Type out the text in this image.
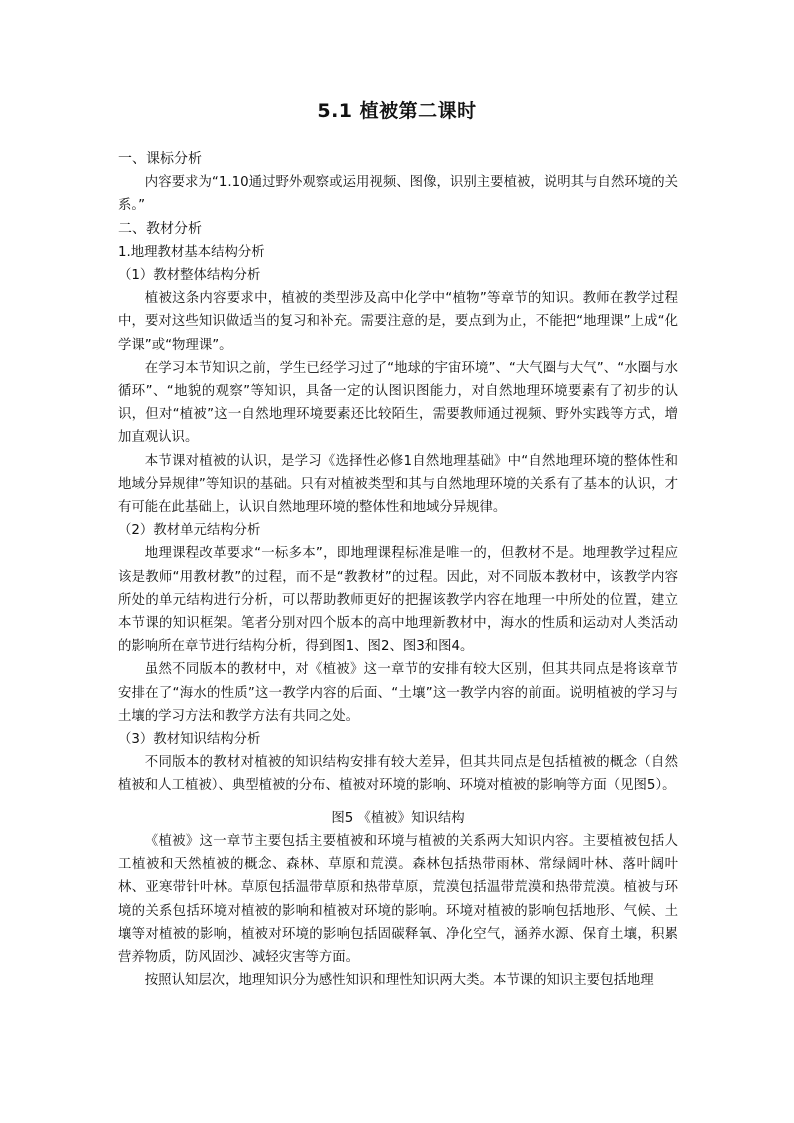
5.1 植被第二课时

一、课标分析

内容要求为“1.10通过野外观察或运用视频、图像，识别主要植被，说明其与自然环境的关系。”

二、教材分析

1.地理教材基本结构分析

（1）教材整体结构分析

植被这条内容要求中，植被的类型涉及高中化学中“植物”等章节的知识。教师在教学过程中，要对这些知识做适当的复习和补充。需要注意的是，要点到为止，不能把“地理课”上成“化学课”或“物理课”。

在学习本节知识之前，学生已经学习过了“地球的宇宙环境”、“大气圈与大气”、“水圈与水循环”、“地貌的观察”等知识，具备一定的认图识图能力，对自然地理环境要素有了初步的认识，但对“植被”这一自然地理环境要素还比较陌生，需要教师通过视频、野外实践等方式，增加直观认识。

本节课对植被的认识，是学习《选择性必修1自然地理基础》中“自然地理环境的整体性和地域分异规律”等知识的基础。只有对植被类型和其与自然地理环境的关系有了基本的认识，才有可能在此基础上，认识自然地理环境的整体性和地域分异规律。

（2）教材单元结构分析

地理课程改革要求“一标多本”，即地理课程标准是唯一的，但教材不是。地理教学过程应该是教师“用教材教”的过程，而不是“教教材”的过程。因此，对不同版本教材中，该教学内容所处的单元结构进行分析，可以帮助教师更好的把握该教学内容在地理一中所处的位置，建立本节课的知识框架。笔者分别对四个版本的高中地理新教材中，海水的性质和运动对人类活动的影响所在章节进行结构分析，得到图1、图2、图3和图4。

虽然不同版本的教材中，对《植被》这一章节的安排有较大区别，但其共同点是将该章节安排在了“海水的性质”这一教学内容的后面、“土壤”这一教学内容的前面。说明植被的学习与土壤的学习方法和教学方法有共同之处。

（3）教材知识结构分析

不同版本的教材对植被的知识结构安排有较大差异，但其共同点是包括植被的概念（自然植被和人工植被）、典型植被的分布、植被对环境的影响、环境对植被的影响等方面（见图5）。

图5 《植被》知识结构

《植被》这一章节主要包括主要植被和环境与植被的关系两大知识内容。主要植被包括人工植被和天然植被的概念、森林、草原和荒漠。森林包括热带雨林、常绿阔叶林、落叶阔叶林、亚寒带针叶林。草原包括温带草原和热带草原，荒漠包括温带荒漠和热带荒漠。植被与环境的关系包括环境对植被的影响和植被对环境的影响。环境对植被的影响包括地形、气候、土壤等对植被的影响，植被对环境的影响包括固碳释氧、净化空气，涵养水源、保育土壤，积累营养物质，防风固沙、减轻灾害等方面。

按照认知层次，地理知识分为感性知识和理性知识两大类。本节课的知识主要包括地理
